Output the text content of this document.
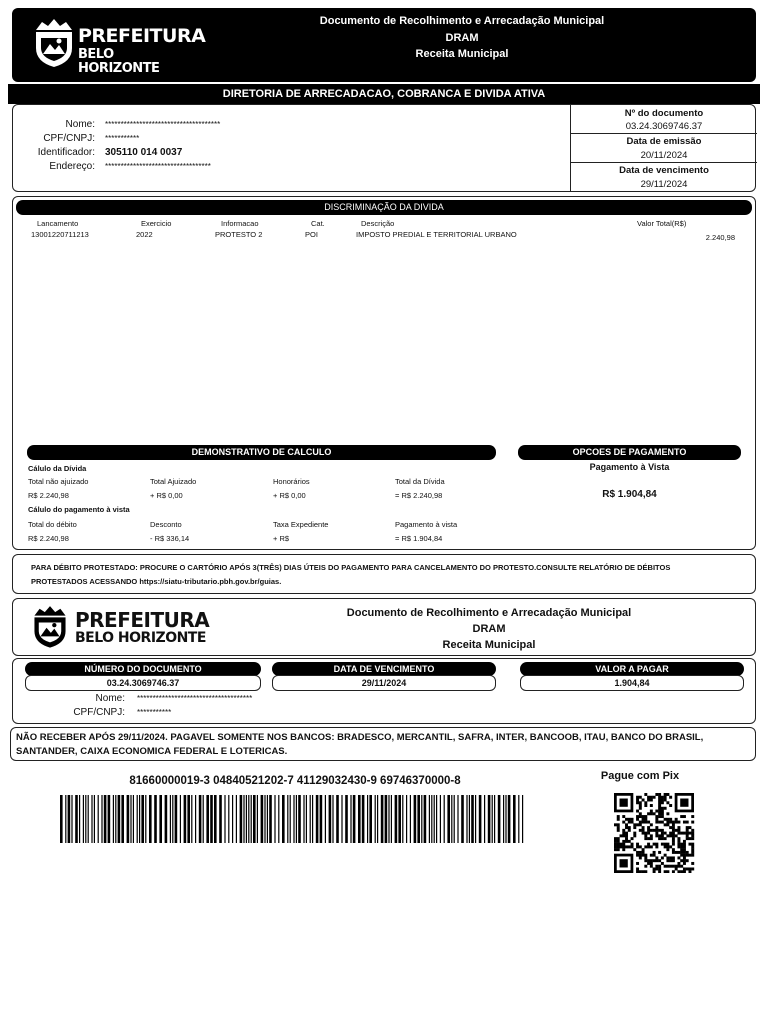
PREFEITURA
BELO HORIZONTE
Documento de Recolhimento e Arrecadação Municipal
DRAM
Receita Municipal
DIRETORIA DE ARRECADACAO, COBRANCA E DIVIDA ATIVA
Nome: *************************************
CPF/CNPJ: ***********
Identificador: 305110 014 0037
Endereço: **********************************
Nº do documento
03.24.3069746.37
Data de emissão
20/11/2024
Data de vencimento
29/11/2024
DISCRIMINAÇÃO DA DIVIDA
Lancamento	Exercicio	Informacao	Cat.	Descrição	Valor Total(R$)
13001220711213	2022	PROTESTO 2	POI	IMPOSTO PREDIAL E TERRITORIAL URBANO	2.240,98
DEMONSTRATIVO DE CALCULO
Cálulo da Dívida
Total não ajuizado	Total Ajuizado	Honorários	Total da Dívida
R$ 2.240,98	+ R$ 0,00	+ R$ 0,00	= R$ 2.240,98
Cálulo do pagamento à vista
Total do débito	Desconto	Taxa Expediente	Pagamento à vista
R$ 2.240,98	- R$ 336,14	+ R$	= R$ 1.904,84
OPCOES DE PAGAMENTO
Pagamento à Vista
R$ 1.904,84
PARA DÉBITO PROTESTADO: PROCURE O CARTÓRIO APÓS 3(TRÊS) DIAS ÚTEIS DO PAGAMENTO PARA CANCELAMENTO DO PROTESTO.CONSULTE RELATÓRIO DE DÉBITOS
PROTESTADOS ACESSANDO https://siatu-tributario.pbh.gov.br/guias.
PREFEITURA
BELO HORIZONTE
Documento de Recolhimento e Arrecadação Municipal
DRAM
Receita Municipal
NÚMERO DO DOCUMENTO
03.24.3069746.37
DATA DE VENCIMENTO
29/11/2024
VALOR A PAGAR
1.904,84
Nome: *************************************
CPF/CNPJ: ***********
NÃO RECEBER APÓS 29/11/2024. PAGAVEL SOMENTE NOS BANCOS: BRADESCO, MERCANTIL, SAFRA, INTER, BANCOOB, ITAU, BANCO DO BRASIL,
SANTANDER, CAIXA ECONOMICA FEDERAL E LOTERICAS.
81660000019-3 04840521202-7 41129032430-9 69746370000-8	Pague com Pix
